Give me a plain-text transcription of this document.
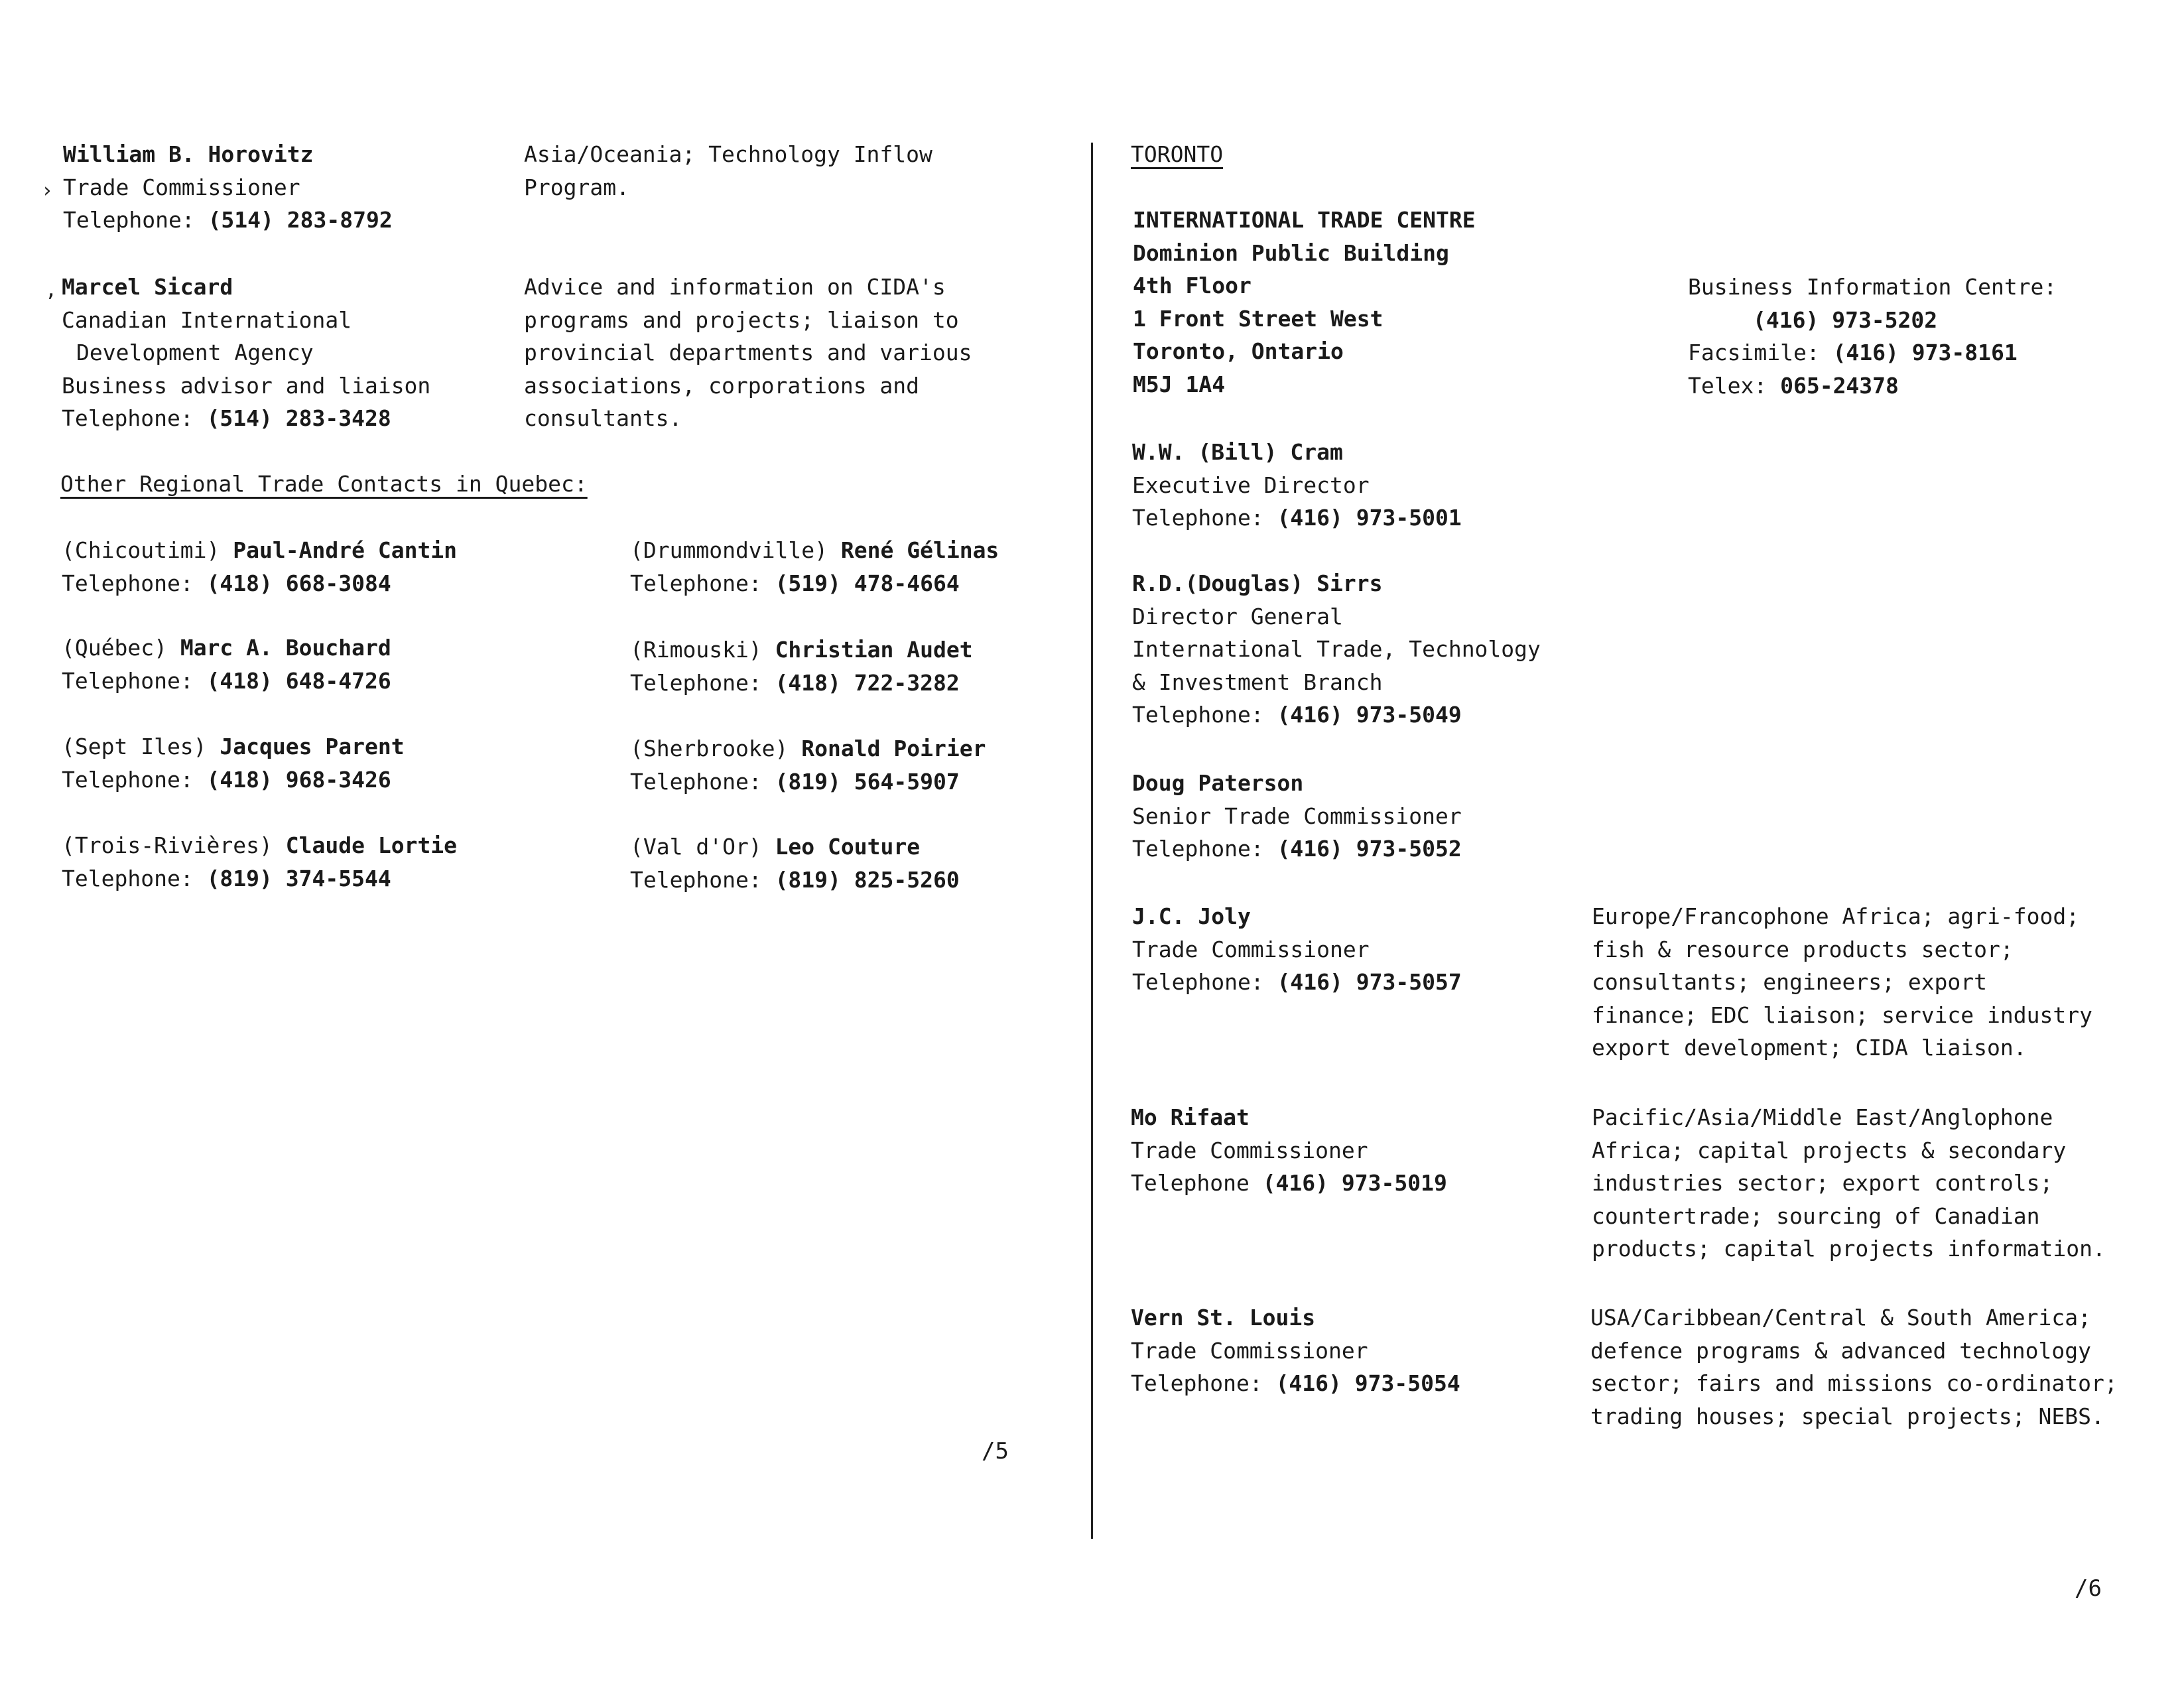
›
,
William B. Horovitz
Trade Commissioner
Telephone: (514) 283-8792
Asia/Oceania; Technology Inflow
Program.
Marcel Sicard
Canadian International
Development Agency
Business advisor and liaison
Telephone: (514) 283-3428
Advice and information on CIDA's
programs and projects; liaison to
provincial departments and various
associations, corporations and
consultants.
Other Regional Trade Contacts in Quebec:
(Chicoutimi) Paul-André Cantin
Telephone: (418) 668-3084
(Québec) Marc A. Bouchard
Telephone: (418) 648-4726
(Sept Iles) Jacques Parent
Telephone: (418) 968-3426
(Trois-Rivières) Claude Lortie
Telephone: (819) 374-5544
(Drummondville) René Gélinas
Telephone: (519) 478-4664
(Rimouski) Christian Audet
Telephone: (418) 722-3282
(Sherbrooke) Ronald Poirier
Telephone: (819) 564-5907
(Val d'Or) Leo Couture
Telephone: (819) 825-5260
/5
TORONTO
INTERNATIONAL TRADE CENTRE
Dominion Public Building
4th Floor
1 Front Street West
Toronto, Ontario
M5J 1A4
Business Information Centre:
(416) 973-5202
Facsimile: (416) 973-8161
Telex: 065-24378
W.W. (Bill) Cram
Executive Director
Telephone: (416) 973-5001
R.D.(Douglas) Sirrs
Director General
International Trade, Technology
& Investment Branch
Telephone: (416) 973-5049
Doug Paterson
Senior Trade Commissioner
Telephone: (416) 973-5052
J.C. Joly
Trade Commissioner
Telephone: (416) 973-5057
Europe/Francophone Africa; agri-food;
fish & resource products sector;
consultants; engineers; export
finance; EDC liaison; service industry
export development; CIDA liaison.
Mo Rifaat
Trade Commissioner
Telephone (416) 973-5019
Pacific/Asia/Middle East/Anglophone
Africa; capital projects & secondary
industries sector; export controls;
countertrade; sourcing of Canadian
products; capital projects information.
Vern St. Louis
Trade Commissioner
Telephone: (416) 973-5054
USA/Caribbean/Central & South America;
defence programs & advanced technology
sector; fairs and missions co-ordinator;
trading houses; special projects; NEBS.
/6
